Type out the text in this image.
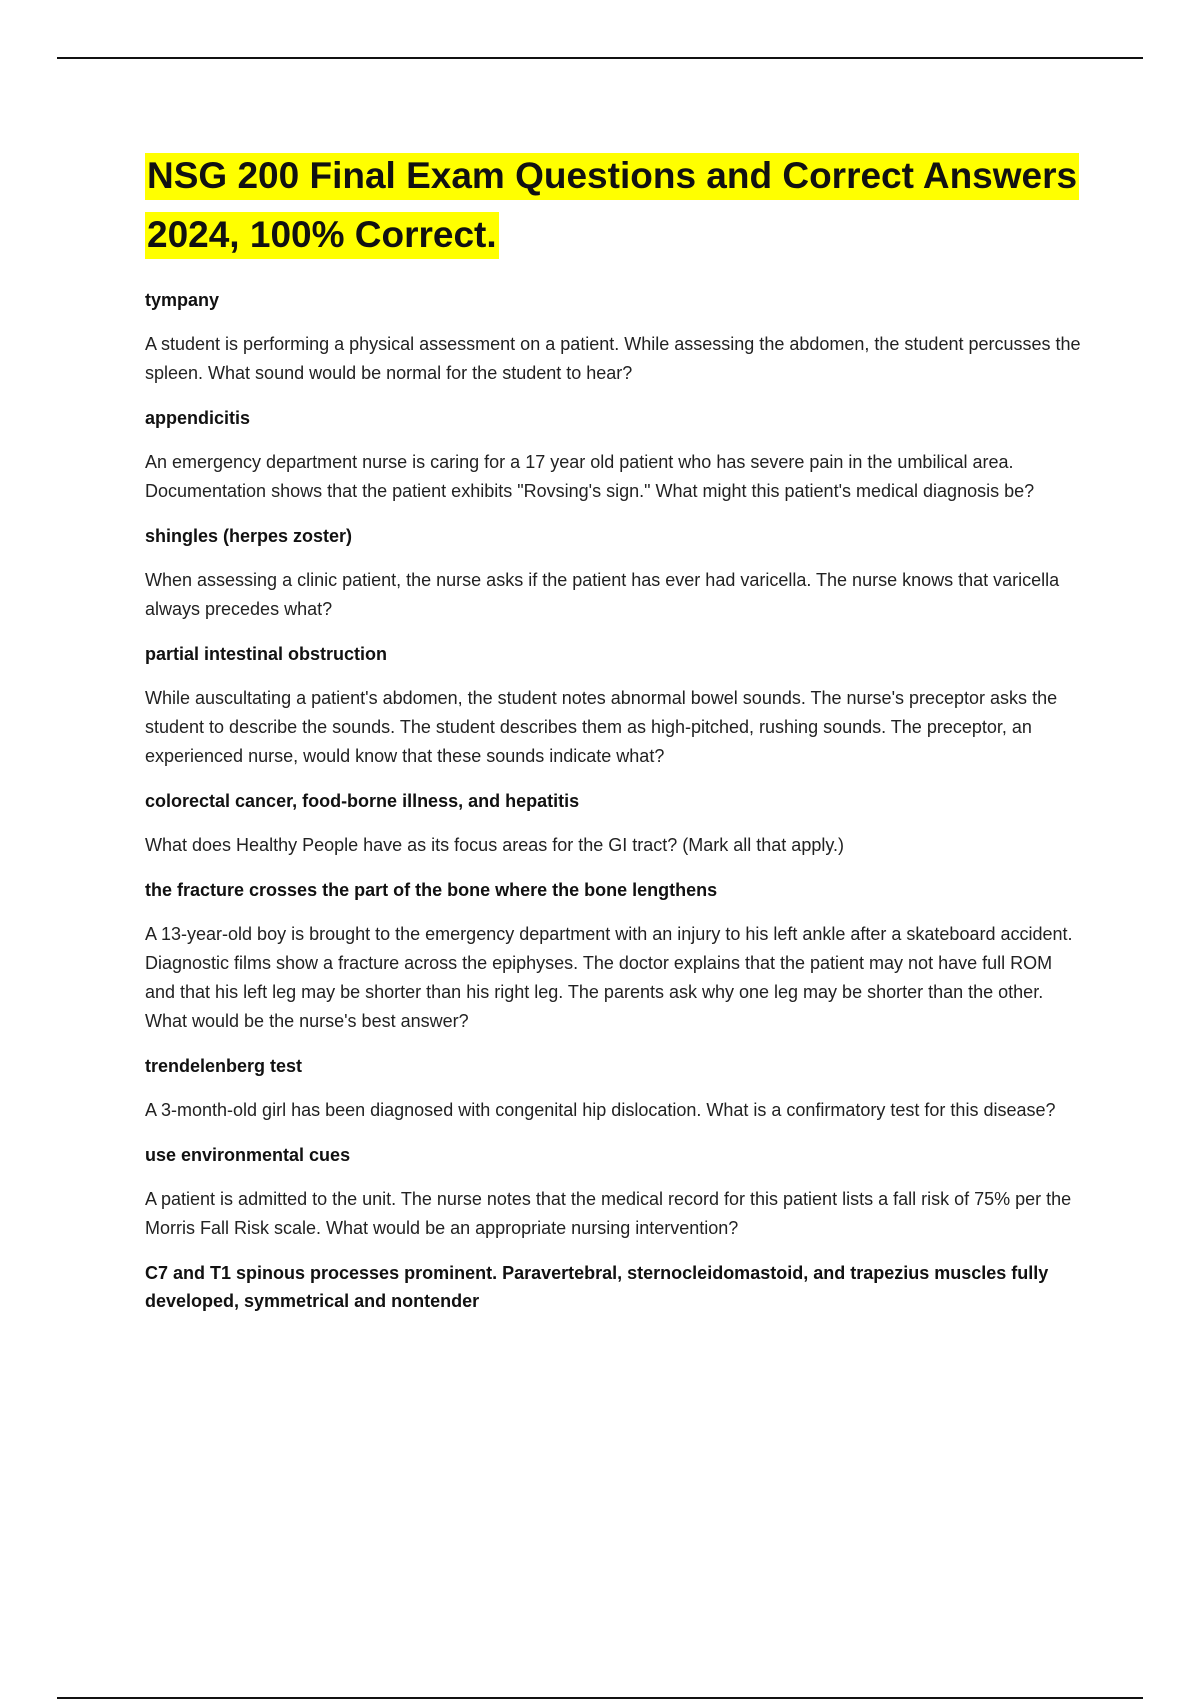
NSG 200 Final Exam Questions and Correct Answers 2024, 100% Correct.

tympany

A student is performing a physical assessment on a patient. While assessing the abdomen, the student percusses the spleen. What sound would be normal for the student to hear?

appendicitis

An emergency department nurse is caring for a 17 year old patient who has severe pain in the umbilical area. Documentation shows that the patient exhibits "Rovsing's sign." What might this patient's medical diagnosis be?

shingles (herpes zoster)

When assessing a clinic patient, the nurse asks if the patient has ever had varicella. The nurse knows that varicella always precedes what?

partial intestinal obstruction

While auscultating a patient's abdomen, the student notes abnormal bowel sounds. The nurse's preceptor asks the student to describe the sounds. The student describes them as high-pitched, rushing sounds. The preceptor, an experienced nurse, would know that these sounds indicate what?

colorectal cancer, food-borne illness, and hepatitis

What does Healthy People have as its focus areas for the GI tract? (Mark all that apply.)

the fracture crosses the part of the bone where the bone lengthens

A 13-year-old boy is brought to the emergency department with an injury to his left ankle after a skateboard accident. Diagnostic films show a fracture across the epiphyses. The doctor explains that the patient may not have full ROM and that his left leg may be shorter than his right leg. The parents ask why one leg may be shorter than the other. What would be the nurse's best answer?

trendelenberg test

A 3-month-old girl has been diagnosed with congenital hip dislocation. What is a confirmatory test for this disease?

use environmental cues

A patient is admitted to the unit. The nurse notes that the medical record for this patient lists a fall risk of 75% per the Morris Fall Risk scale. What would be an appropriate nursing intervention?

C7 and T1 spinous processes prominent. Paravertebral, sternocleidomastoid, and trapezius muscles fully developed, symmetrical and nontender
